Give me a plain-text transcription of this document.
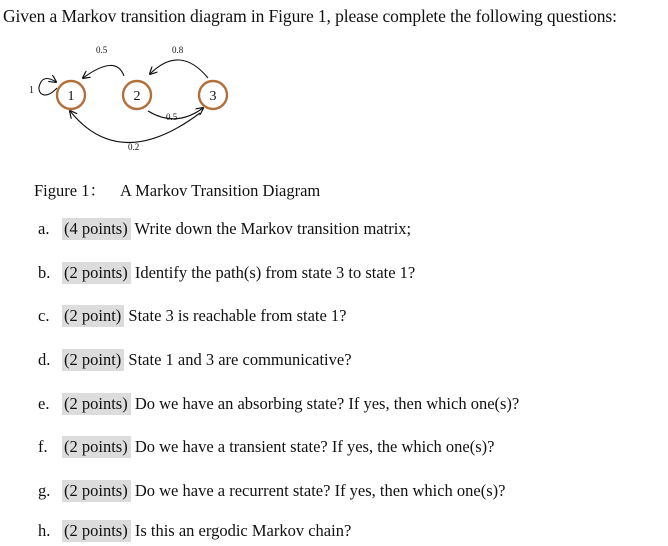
Given a Markov transition diagram in Figure 1, please complete the following questions:
1	2	3
1
0.5	0.8
0.5
0.2
Figure 1： A Markov Transition Diagram
a. (4 points) Write down the Markov transition matrix;
b. (2 points) Identify the path(s) from state 3 to state 1?
c. (2 point) State 3 is reachable from state 1?
d. (2 point) State 1 and 3 are communicative?
e. (2 points) Do we have an absorbing state? If yes, then which one(s)?
f. (2 points) Do we have a transient state? If yes, the which one(s)?
g. (2 points) Do we have a recurrent state? If yes, then which one(s)?
h. (2 points) Is this an ergodic Markov chain?
